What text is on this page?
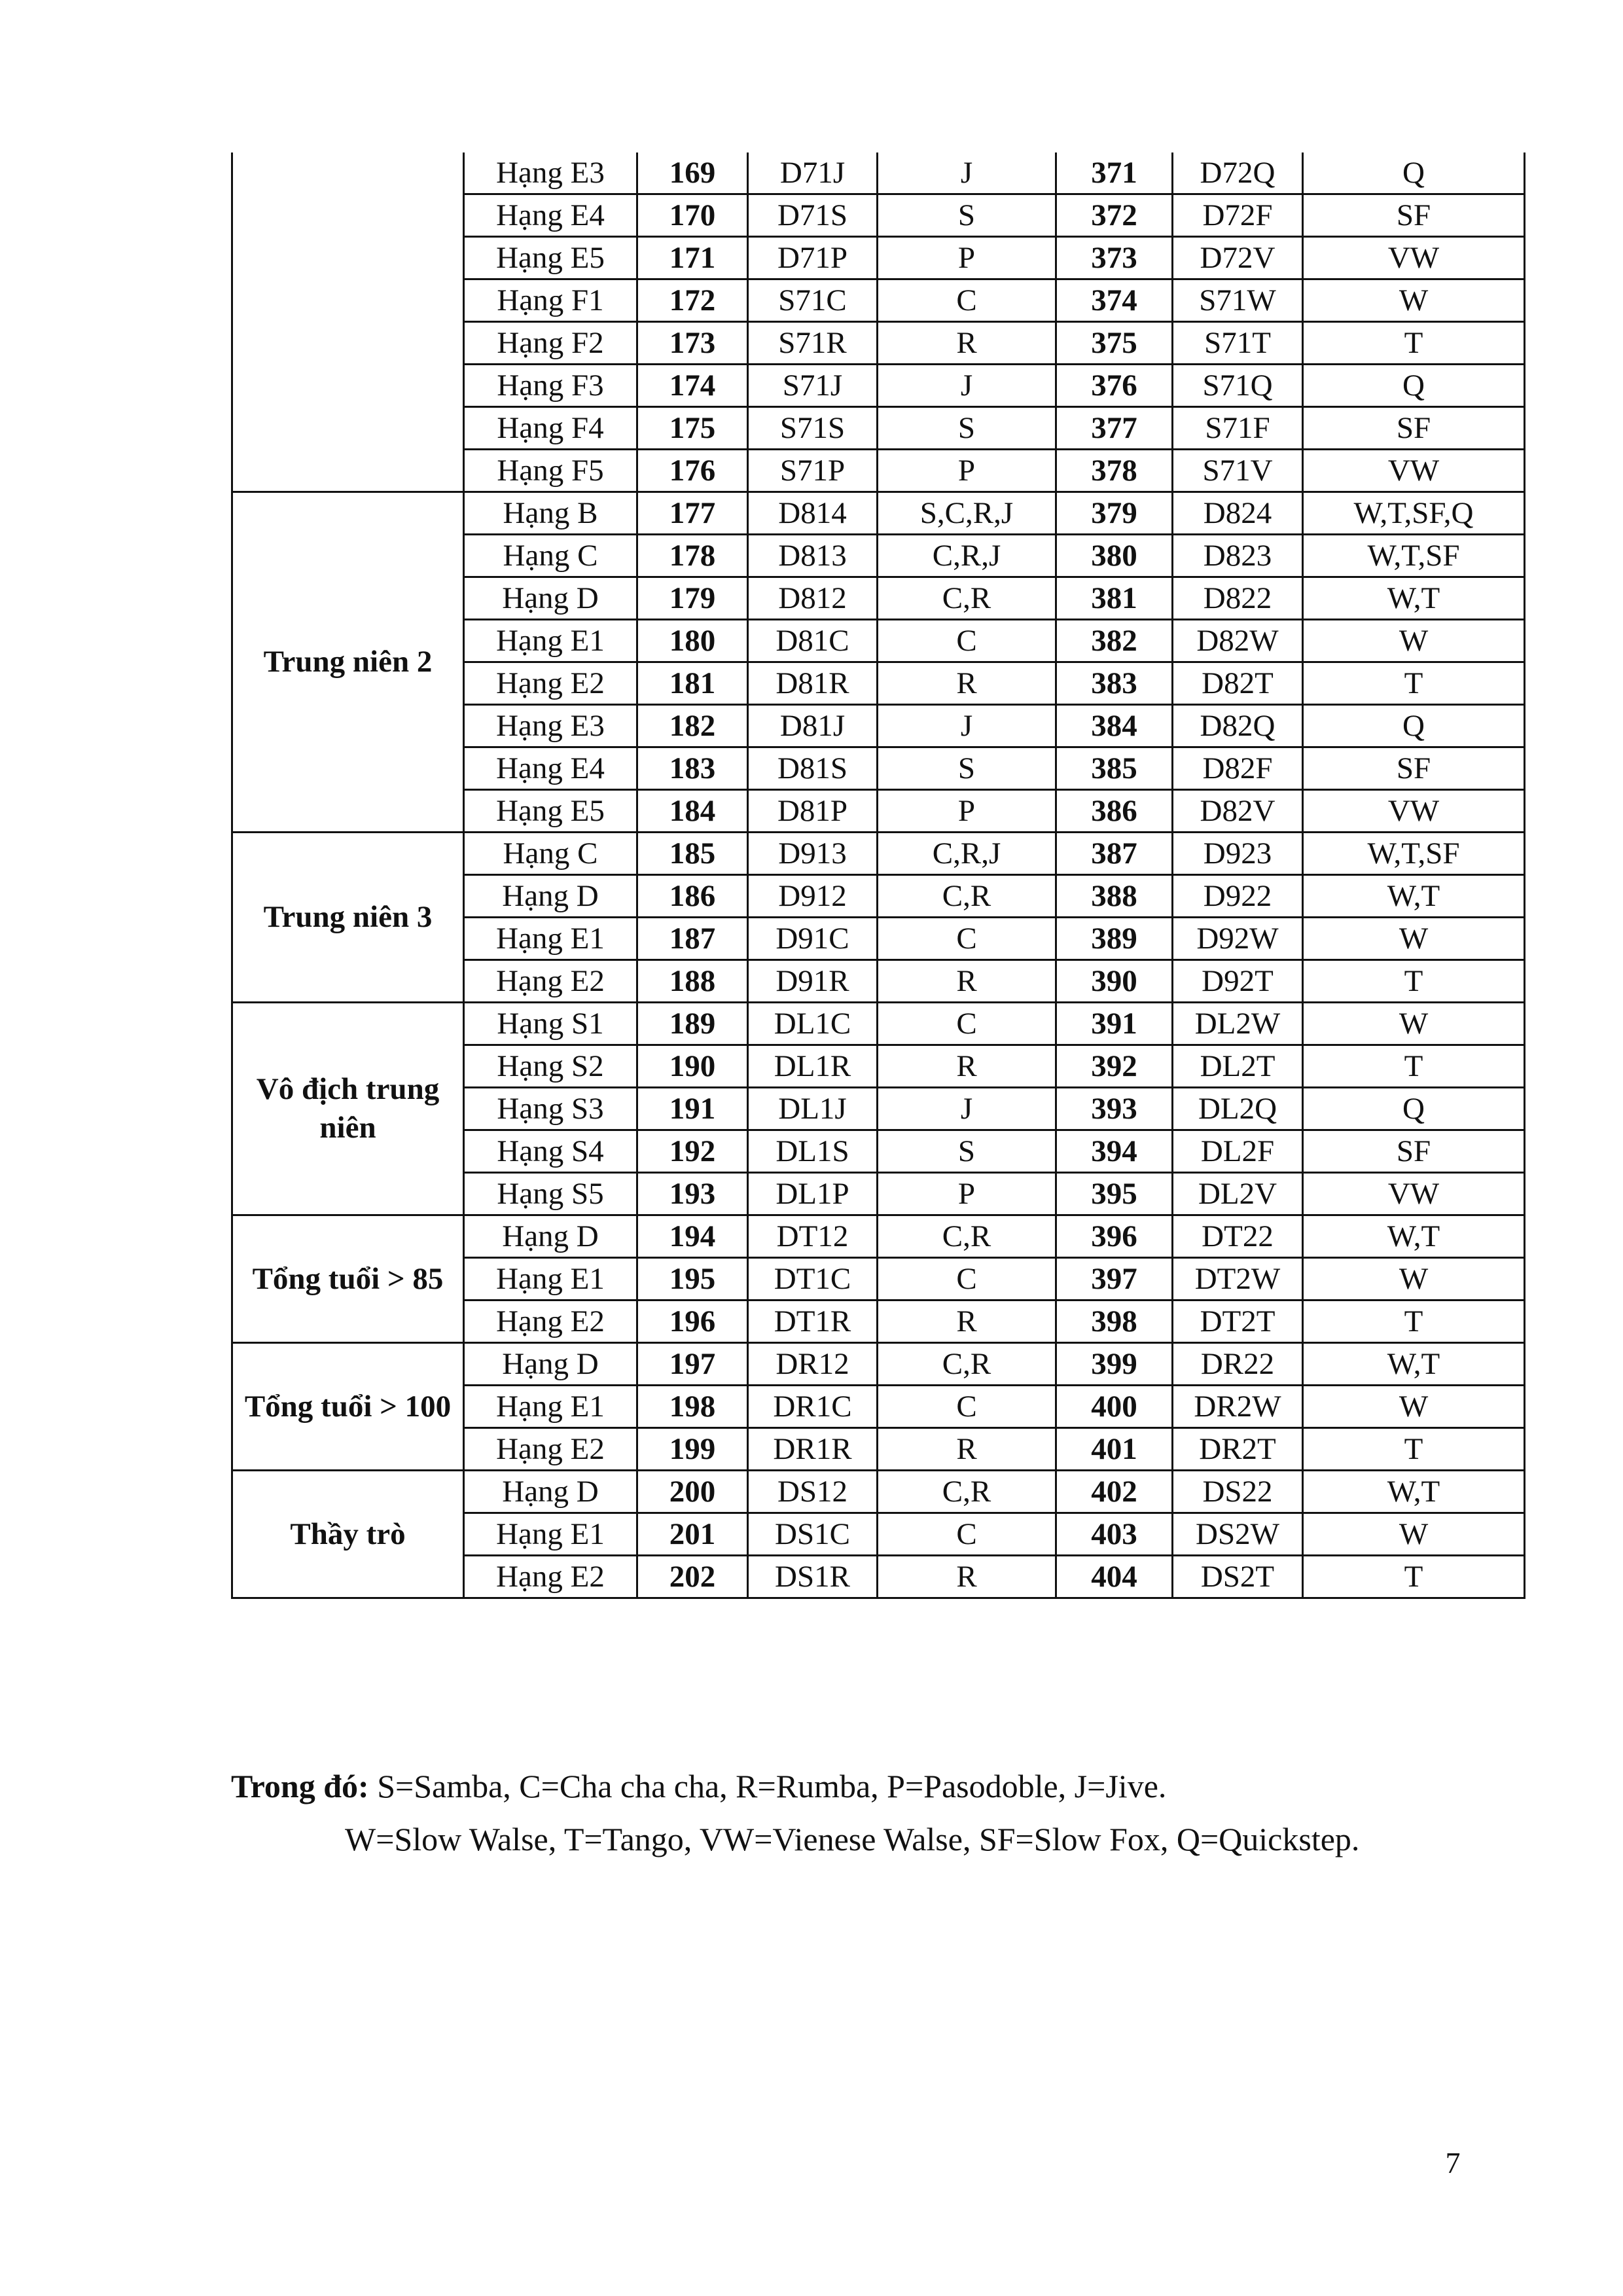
	Hạng E3	169	D71J	J	371	D72Q	Q
	Hạng E4	170	D71S	S	372	D72F	SF
	Hạng E5	171	D71P	P	373	D72V	VW
	Hạng F1	172	S71C	C	374	S71W	W
	Hạng F2	173	S71R	R	375	S71T	T
	Hạng F3	174	S71J	J	376	S71Q	Q
	Hạng F4	175	S71S	S	377	S71F	SF
	Hạng F5	176	S71P	P	378	S71V	VW
Trung niên 2	Hạng B	177	D814	S,C,R,J	379	D824	W,T,SF,Q
	Hạng C	178	D813	C,R,J	380	D823	W,T,SF
	Hạng D	179	D812	C,R	381	D822	W,T
	Hạng E1	180	D81C	C	382	D82W	W
	Hạng E2	181	D81R	R	383	D82T	T
	Hạng E3	182	D81J	J	384	D82Q	Q
	Hạng E4	183	D81S	S	385	D82F	SF
	Hạng E5	184	D81P	P	386	D82V	VW
Trung niên 3	Hạng C	185	D913	C,R,J	387	D923	W,T,SF
	Hạng D	186	D912	C,R	388	D922	W,T
	Hạng E1	187	D91C	C	389	D92W	W
	Hạng E2	188	D91R	R	390	D92T	T
Vô địch trung niên	Hạng S1	189	DL1C	C	391	DL2W	W
	Hạng S2	190	DL1R	R	392	DL2T	T
	Hạng S3	191	DL1J	J	393	DL2Q	Q
	Hạng S4	192	DL1S	S	394	DL2F	SF
	Hạng S5	193	DL1P	P	395	DL2V	VW
Tổng tuổi > 85	Hạng D	194	DT12	C,R	396	DT22	W,T
	Hạng E1	195	DT1C	C	397	DT2W	W
	Hạng E2	196	DT1R	R	398	DT2T	T
Tổng tuổi > 100	Hạng D	197	DR12	C,R	399	DR22	W,T
	Hạng E1	198	DR1C	C	400	DR2W	W
	Hạng E2	199	DR1R	R	401	DR2T	T
Thầy trò	Hạng D	200	DS12	C,R	402	DS22	W,T
	Hạng E1	201	DS1C	C	403	DS2W	W
	Hạng E2	202	DS1R	R	404	DS2T	T
Trong đó: S=Samba, C=Cha cha cha, R=Rumba, P=Pasodoble, J=Jive.
W=Slow Walse, T=Tango, VW=Vienese Walse, SF=Slow Fox, Q=Quickstep.
7
